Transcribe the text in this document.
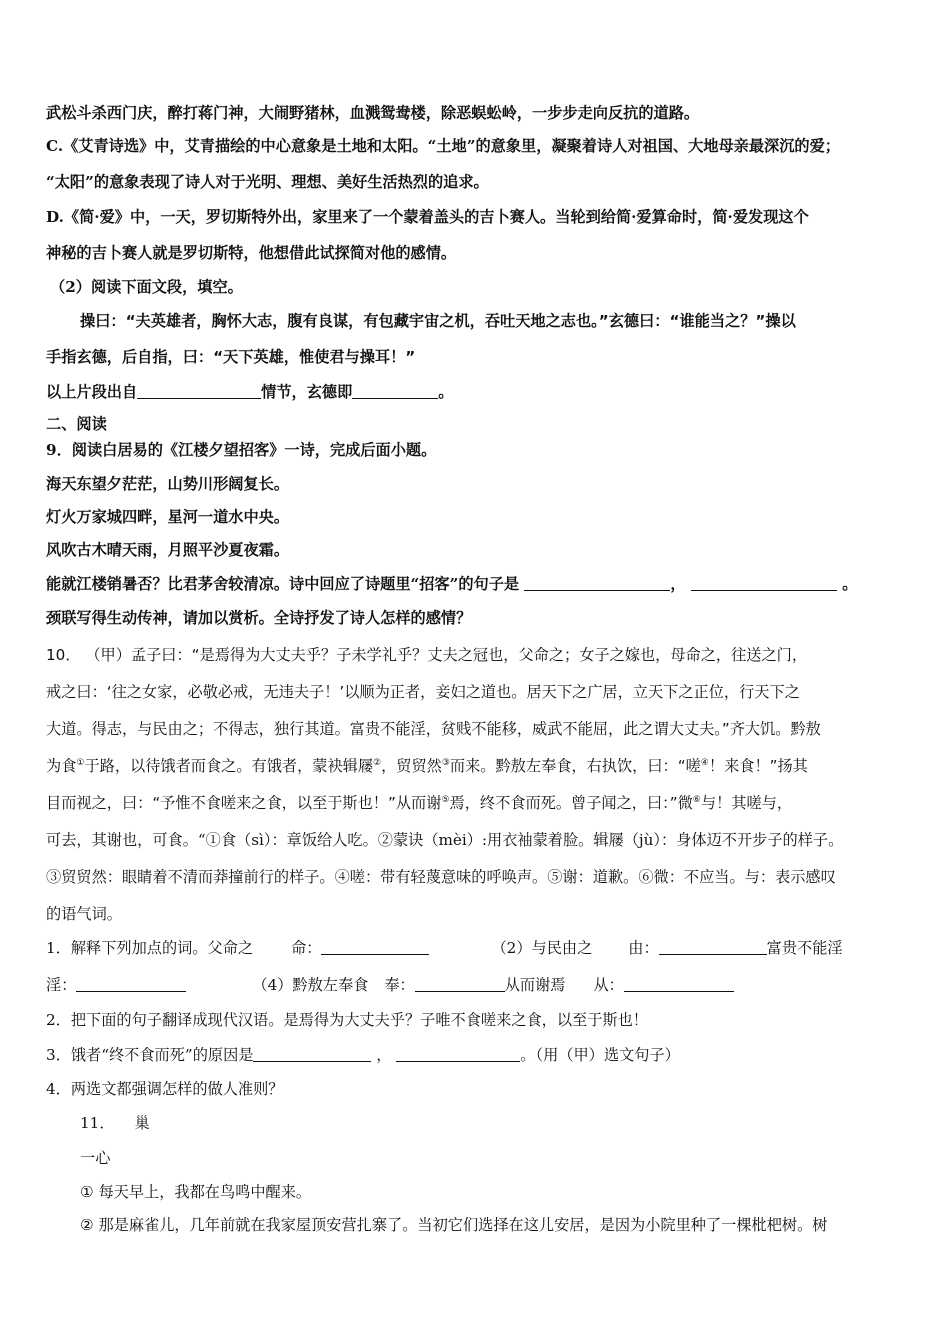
武松斗杀西门庆，醉打蒋门神，大闹野猪林，血溅鸳鸯楼，除恶蜈蚣岭，一步步走向反抗的道路。
C.《艾青诗选》中，艾青描绘的中心意象是土地和太阳。“土地”的意象里，凝聚着诗人对祖国、大地母亲最深沉的爱；
“太阳”的意象表现了诗人对于光明、理想、美好生活热烈的追求。
D.《简·爱》中，一天，罗切斯特外出，家里来了一个蒙着盖头的吉卜赛人。当轮到给简·爱算命时，简·爱发现这个
神秘的吉卜赛人就是罗切斯特，他想借此试探简对他的感情。
（2）阅读下面文段，填空。
操曰：“夫英雄者，胸怀大志，腹有良谋，有包藏宇宙之机，吞吐天地之志也。”玄德曰：“谁能当之？”操以
手指玄德，后自指，曰：“天下英雄，惟使君与操耳！”
以上片段出自	情节，玄德即	。
二、阅读
9．阅读白居易的《江楼夕望招客》一诗，完成后面小题。
海天东望夕茫茫，山势川形阔复长。
灯火万家城四畔，星河一道水中央。
风吹古木晴天雨，月照平沙夏夜霜。
能就江楼销暑否？比君茅舍较清凉。诗中回应了诗题里“招客”的句子是	，	。
颈联写得生动传神，请加以赏析。全诗抒发了诗人怎样的感情？
10． （甲）孟子曰：“是焉得为大丈夫乎？子未学礼乎？丈夫之冠也，父命之；女子之嫁也，母命之，往送之门，
戒之曰：‘往之女家，必敬必戒，无违夫子！’以顺为正者，妾妇之道也。居天下之广居，立天下之正位，行天下之
大道。得志，与民由之；不得志，独行其道。富贵不能淫，贫贱不能移，威武不能屈，此之谓大丈夫。”齐大饥。黔敖
为食①于路，以待饿者而食之。有饿者，蒙袂辑屦②，贸贸然③而来。黔敖左奉食，右执饮，曰：“嗟④！来食！”扬其
目而视之，曰：“予惟不食嗟来之食，以至于斯也！”从而谢⑤焉，终不食而死。曾子闻之，曰：”微⑥与！其嗟与，
可去，其谢也，可食。“①食（sì）：章饭给人吃。②蒙诀（mèi）:用衣袖蒙着脸。辑屦（jù）：身体迈不开步子的样子。
③贸贸然：眼睛着不清而莽撞前行的样子。④嗟：带有轻蔑意味的呼唤声。⑤谢：道歉。⑥微：不应当。与：表示感叹
的语气词。
1．解释下列加点的词。父命之	命：	（2）与民由之 由：	富贵不能淫
淫：	（4）黔敖左奉食 奉：	从而谢焉 从：
2．把下面的句子翻译成现代汉语。是焉得为大丈夫乎？子唯不食嗟来之食，以至于斯也！
3．饿者“终不食而死”的原因是	，	。（用（甲）选文句子）
4．两选文都强调怎样的做人准则？
11． 巢
一心
① 每天早上，我都在鸟鸣中醒来。
② 那是麻雀儿，几年前就在我家屋顶安营扎寨了。当初它们选择在这儿安居，是因为小院里种了一棵枇杷树。树
